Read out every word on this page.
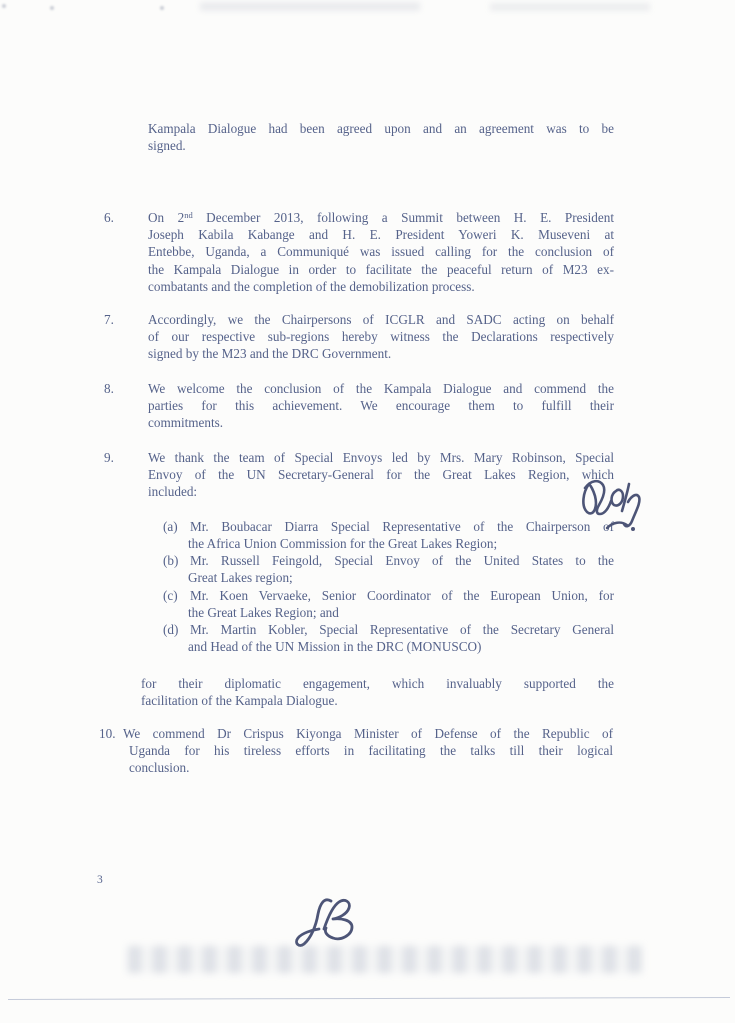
Kampala Dialogue had been agreed upon and an agreement was to be
signed.
6.	On 2nd December 2013, following a Summit between H. E. President
Joseph Kabila Kabange and H. E. President Yoweri K. Museveni at
Entebbe, Uganda, a Communiqué was issued calling for the conclusion of
the Kampala Dialogue in order to facilitate the peaceful return of M23 ex-
combatants and the completion of the demobilization process.
7.	Accordingly, we the Chairpersons of ICGLR and SADC acting on behalf
of our respective sub-regions hereby witness the Declarations respectively
signed by the M23 and the DRC Government.
8.	We welcome the conclusion of the Kampala Dialogue and commend the
parties for this achievement. We encourage them to fulfill their
commitments.
9.	We thank the team of Special Envoys led by Mrs. Mary Robinson, Special
Envoy of the UN Secretary-General for the Great Lakes Region, which
included:
(a) Mr. Boubacar Diarra Special Representative of the Chairperson of
the Africa Union Commission for the Great Lakes Region;
(b) Mr. Russell Feingold, Special Envoy of the United States to the
Great Lakes region;
(c) Mr. Koen Vervaeke, Senior Coordinator of the European Union, for
the Great Lakes Region; and
(d) Mr. Martin Kobler, Special Representative of the Secretary General
and Head of the UN Mission in the DRC (MONUSCO)
for their diplomatic engagement, which invaluably supported the
facilitation of the Kampala Dialogue.
10. We commend Dr Crispus Kiyonga Minister of Defense of the Republic of
Uganda for his tireless efforts in facilitating the talks till their logical
conclusion.
3
